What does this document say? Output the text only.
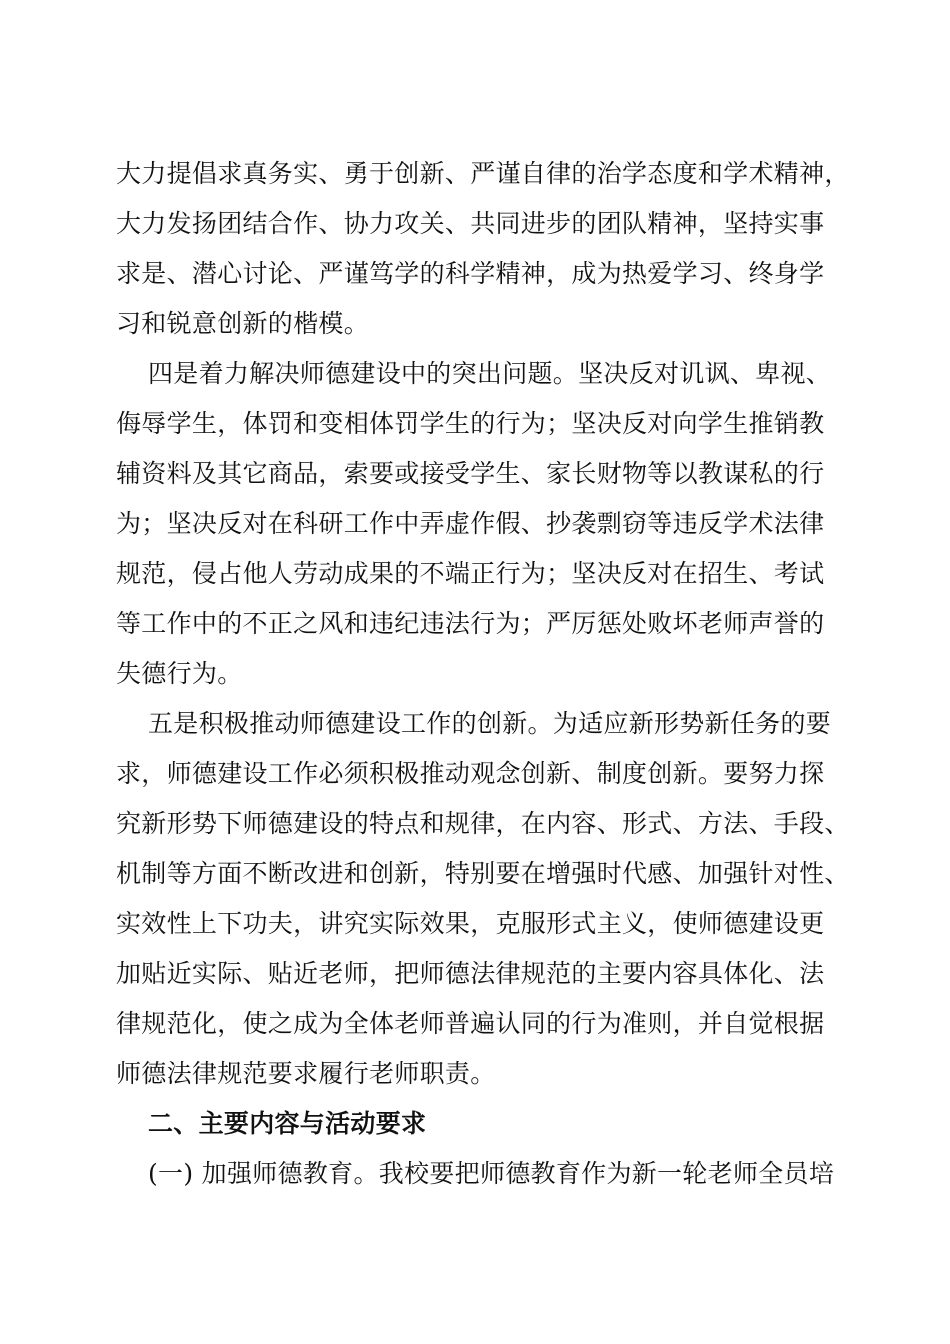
大力提倡求真务实、勇于创新、严谨自律的治学态度和学术精神，
大力发扬团结合作、协力攻关、共同进步的团队精神，坚持实事
求是、潜心讨论、严谨笃学的科学精神，成为热爱学习、终身学
习和锐意创新的楷模。
四是着力解决师德建设中的突出问题。坚决反对讥讽、卑视、
侮辱学生，体罚和变相体罚学生的行为；坚决反对向学生推销教
辅资料及其它商品，索要或接受学生、家长财物等以教谋私的行
为；坚决反对在科研工作中弄虚作假、抄袭剽窃等违反学术法律
规范，侵占他人劳动成果的不端正行为；坚决反对在招生、考试
等工作中的不正之风和违纪违法行为；严厉惩处败坏老师声誉的
失德行为。
五是积极推动师德建设工作的创新。为适应新形势新任务的要
求，师德建设工作必须积极推动观念创新、制度创新。要努力探
究新形势下师德建设的特点和规律，在内容、形式、方法、手段、
机制等方面不断改进和创新，特别要在增强时代感、加强针对性、
实效性上下功夫，讲究实际效果，克服形式主义，使师德建设更
加贴近实际、贴近老师，把师德法律规范的主要内容具体化、法
律规范化，使之成为全体老师普遍认同的行为准则，并自觉根据
师德法律规范要求履行老师职责。
二、主要内容与活动要求
(一) 加强师德教育。我校要把师德教育作为新一轮老师全员培
